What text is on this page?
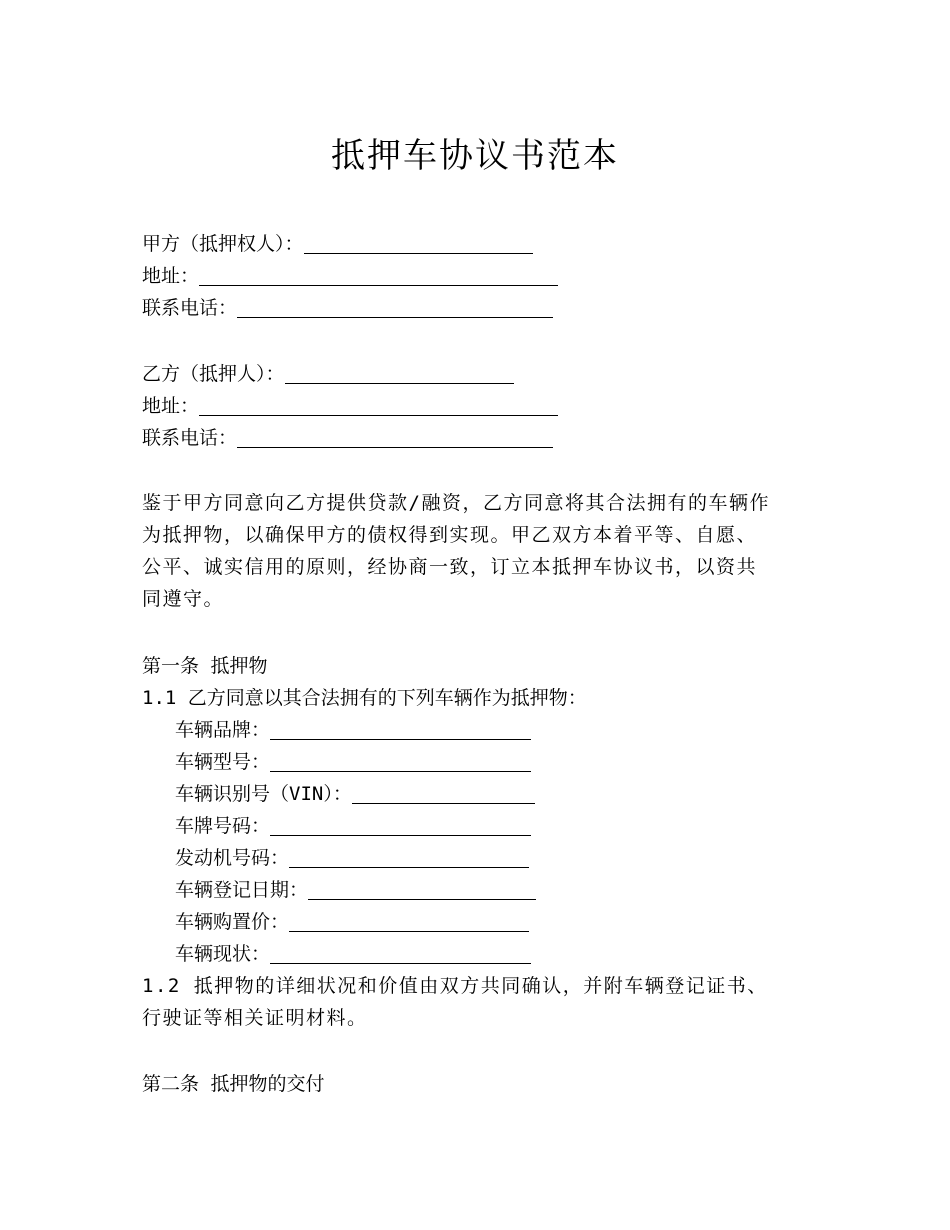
抵押车协议书范本
甲方（抵押权人）：
地址：
联系电话：
乙方（抵押人）：
地址：
联系电话：
鉴于甲方同意向乙方提供贷款/融资，乙方同意将其合法拥有的车辆作
为抵押物，以确保甲方的债权得到实现。甲乙双方本着平等、自愿、
公平、诚实信用的原则，经协商一致，订立本抵押车协议书，以资共
同遵守。
第一条 抵押物
1.1 乙方同意以其合法拥有的下列车辆作为抵押物：
车辆品牌：
车辆型号：
车辆识别号（VIN）：
车牌号码：
发动机号码：
车辆登记日期：
车辆购置价：
车辆现状：
1.2 抵押物的详细状况和价值由双方共同确认，并附车辆登记证书、
行驶证等相关证明材料。
第二条 抵押物的交付
